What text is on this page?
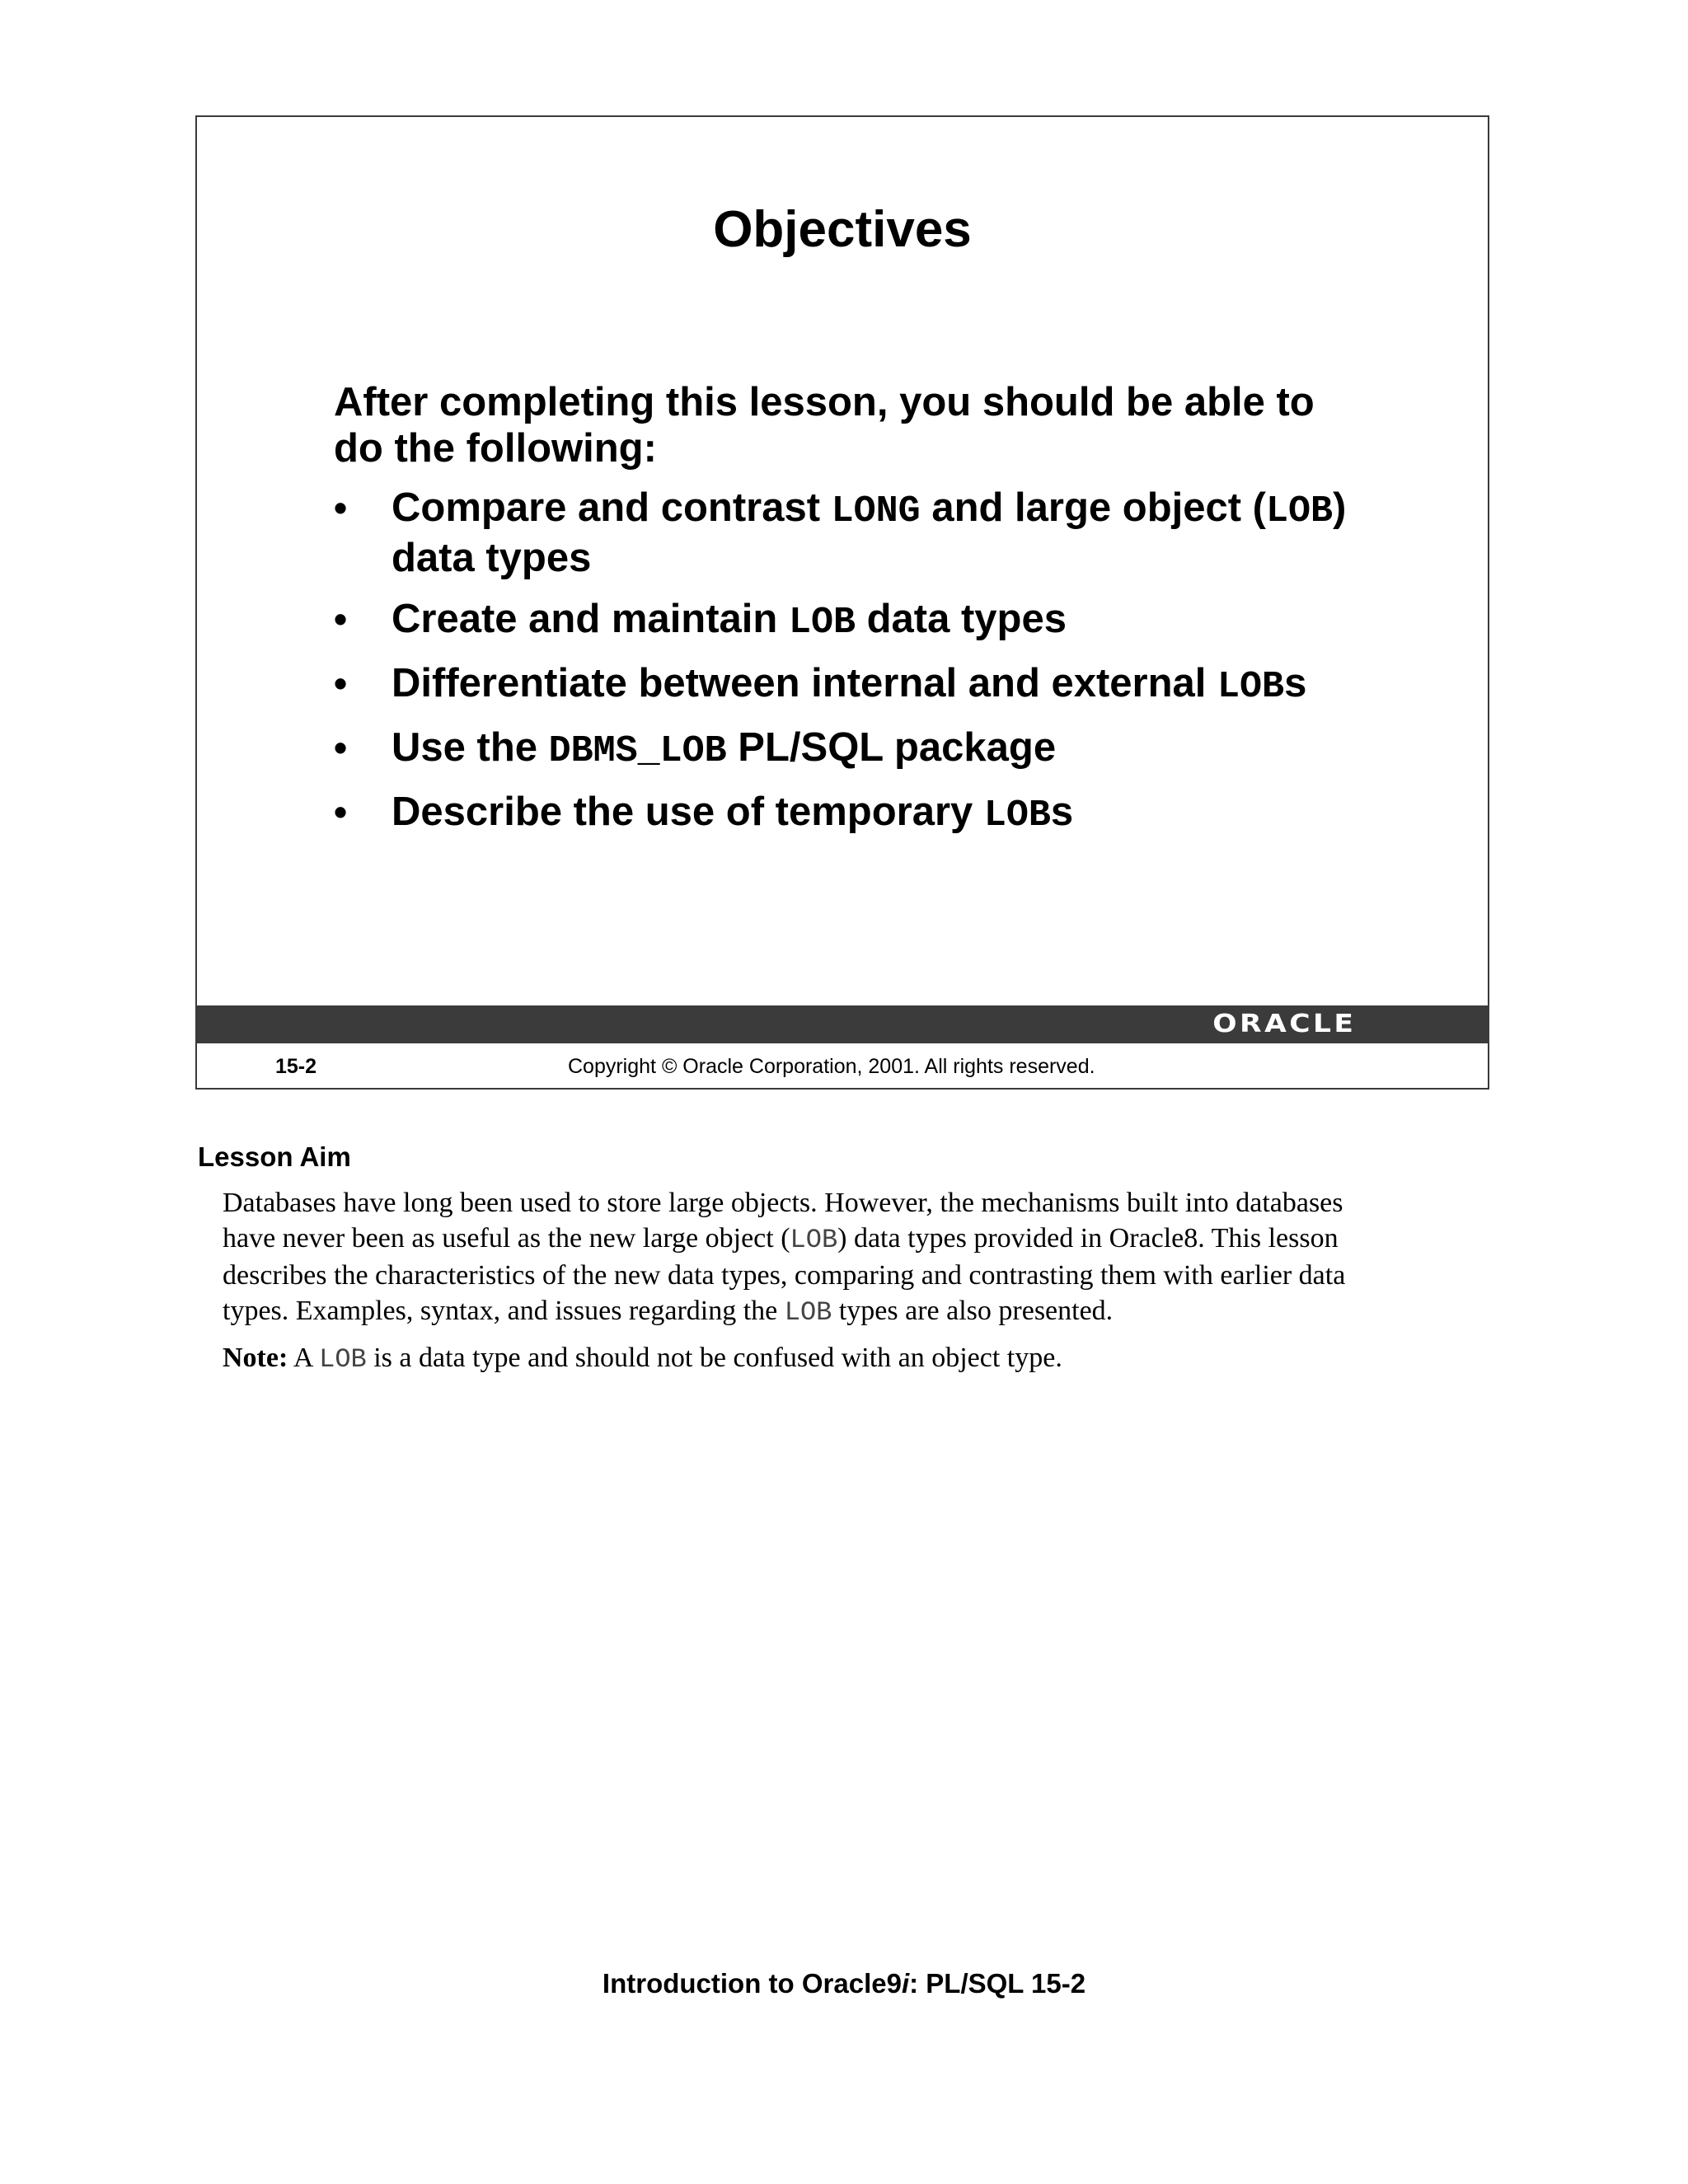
Objectives

After completing this lesson, you should be able to
do the following:

• Compare and contrast LONG and large object (LOB)
data types
• Create and maintain LOB data types
• Differentiate between internal and external LOBs
• Use the DBMS_LOB PL/SQL package
• Describe the use of temporary LOBs
ORACLE
15-2	Copyright © Oracle Corporation, 2001. All rights reserved.
Lesson Aim

Databases have long been used to store large objects. However, the mechanisms built into databases
have never been as useful as the new large object (LOB) data types provided in Oracle8. This lesson
describes the characteristics of the new data types, comparing and contrasting them with earlier data
types. Examples, syntax, and issues regarding the LOB types are also presented.

Note: A LOB is a data type and should not be confused with an object type.

Introduction to Oracle9i: PL/SQL 15-2
